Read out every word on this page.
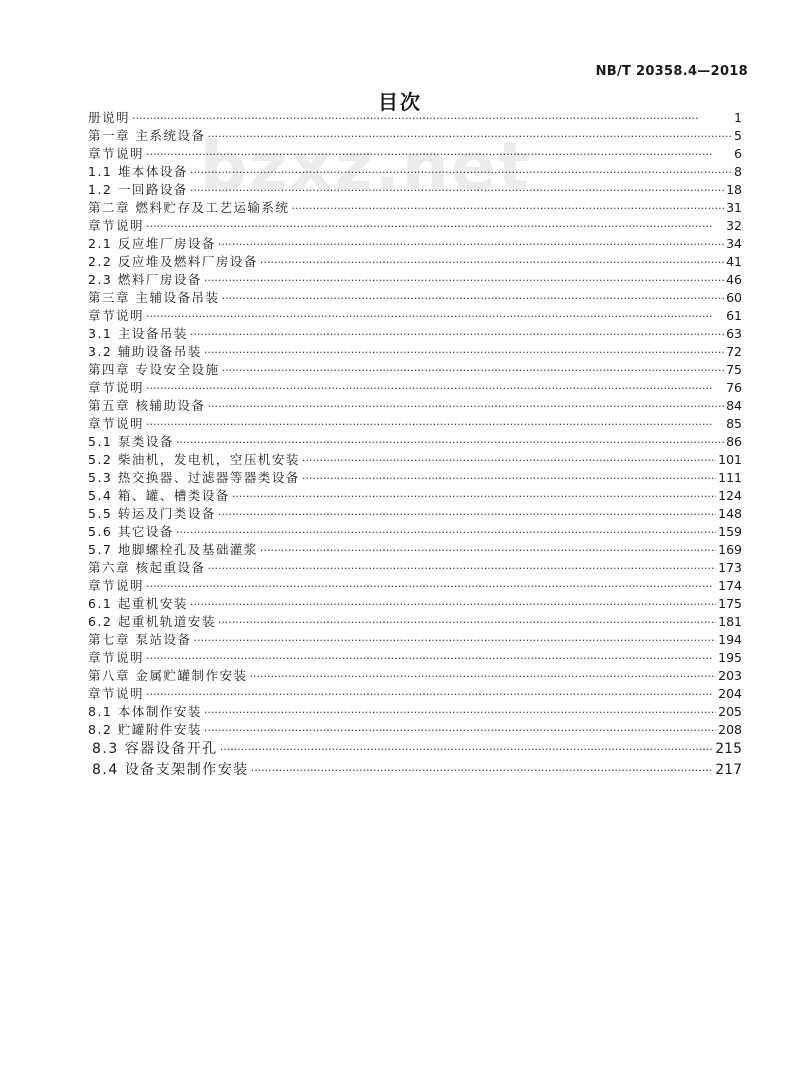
NB/T 20358.4—2018
目次
bzxz.net
册说明 ·····	1
第一章 主系统设备 ·····	5
章节说明 ·····	6
1.1 堆本体设备 ·····	8
1.2 一回路设备 ·····	18
第二章 燃料贮存及工艺运输系统 ·····	31
章节说明 ·····	32
2.1 反应堆厂房设备 ·····	34
2.2 反应堆及燃料厂房设备 ·····	41
2.3 燃料厂房设备 ·····	46
第三章 主辅设备吊装 ·····	60
章节说明 ·····	61
3.1 主设备吊装 ·····	63
3.2 辅助设备吊装 ·····	72
第四章 专设安全设施 ·····	75
章节说明 ·····	76
第五章 核辅助设备 ·····	84
章节说明 ·····	85
5.1 泵类设备 ·····	86
5.2 柴油机，发电机，空压机安装 ·····	101
5.3 热交换器、过滤器等器类设备 ·····	111
5.4 箱、罐、槽类设备 ·····	124
5.5 转运及门类设备 ·····	148
5.6 其它设备 ·····	159
5.7 地脚螺栓孔及基础灌浆 ·····	169
第六章 核起重设备 ·····	173
章节说明 ·····	174
6.1 起重机安装 ·····	175
6.2 起重机轨道安装 ·····	181
第七章 泵站设备 ·····	194
章节说明 ·····	195
第八章 金属贮罐制作安装 ·····	203
章节说明 ·····	204
8.1 本体制作安装 ·····	205
8.2 贮罐附件安装 ·····	208
8.3 容器设备开孔 ·····	215
8.4 设备支架制作安装 ·····	217
